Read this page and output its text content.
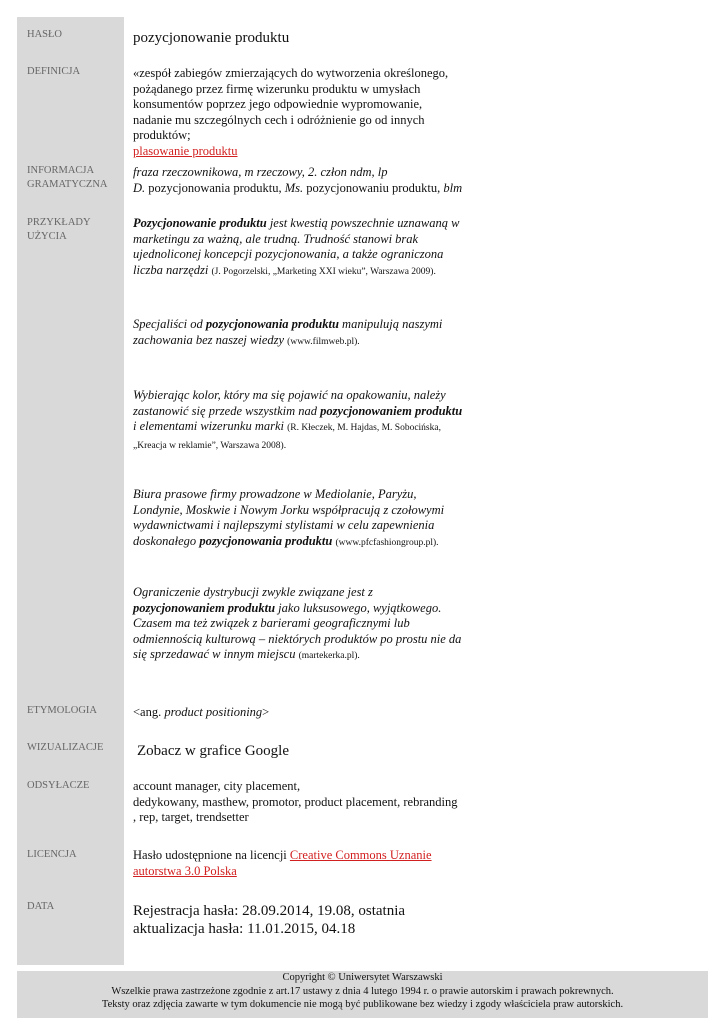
HASŁO
DEFINICJA
INFORMACJA GRAMATYCZNA
PRZYKŁADY UŻYCIA
ETYMOLOGIA
WIZUALIZACJE
ODSYŁACZE
LICENCJA
DATA
pozycjonowanie produktu
«zespół zabiegów zmierzających do wytworzenia określonego, pożądanego przez firmę wizerunku produktu w umysłach konsumentów poprzez jego odpowiednie wypromowanie, nadanie mu szczególnych cech i odróżnienie go od innych produktów;
plasowanie produktu
fraza rzeczownikowa, m rzeczowy, 2. człon ndm, lp
D. pozycjonowania produktu, Ms. pozycjonowaniu produktu, blm
Pozycjonowanie produktu jest kwestią powszechnie uznawaną w marketingu za ważną, ale trudną. Trudność stanowi brak ujednoliconej koncepcji pozycjonowania, a także ograniczona liczba narzędzi (J. Pogorzelski, „Marketing XXI wieku”, Warszawa 2009).
Specjaliści od pozycjonowania produktu manipulują naszymi zachowania bez naszej wiedzy (www.filmweb.pl).
Wybierając kolor, który ma się pojawić na opakowaniu, należy zastanowić się przede wszystkim nad pozycjonowaniem produktu i elementami wizerunku marki (R. Kłeczek, M. Hajdas, M. Sobocińska, „Kreacja w reklamie”, Warszawa 2008).
Biura prasowe firmy prowadzone w Mediolanie, Paryżu, Londynie, Moskwie i Nowym Jorku współpracują z czołowymi wydawnictwami i najlepszymi stylistami w celu zapewnienia doskonałego pozycjonowania produktu (www.pfcfashiongroup.pl).
Ograniczenie dystrybucji zwykle związane jest z pozycjonowaniem produktu jako luksusowego, wyjątkowego. Czasem ma też związek z barierami geograficznymi lub odmiennością kulturową – niektórych produktów po prostu nie da się sprzedawać w innym miejscu (martekerka.pl).
<ang. product positioning>
Zobacz w grafice Google
account manager, city placement,
dedykowany, masthew, promotor, product placement, rebranding
, rep, target, trendsetter
Hasło udostępnione na licencji Creative Commons Uznanie autorstwa 3.0 Polska
Rejestracja hasła: 28.09.2014, 19.08, ostatnia aktualizacja hasła: 11.01.2015, 04.18
Copyright © Uniwersytet Warszawski
Wszelkie prawa zastrzeżone zgodnie z art.17 ustawy z dnia 4 lutego 1994 r. o prawie autorskim i prawach pokrewnych.
Teksty oraz zdjęcia zawarte w tym dokumencie nie mogą być publikowane bez wiedzy i zgody właściciela praw autorskich.
